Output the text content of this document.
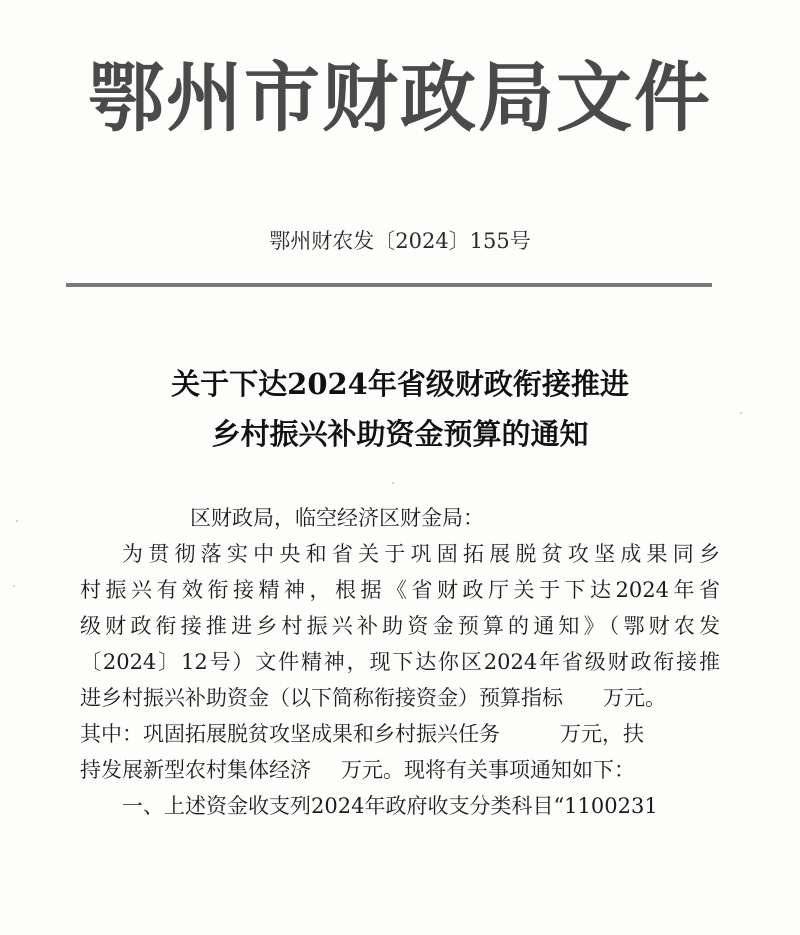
鄂州市财政局文件
鄂州财农发〔2024〕155号
关于下达2024年省级财政衔接推进
乡村振兴补助资金预算的通知
区财政局，临空经济区财金局：
为贯彻落实中央和省关于巩固拓展脱贫攻坚成果同乡
村振兴有效衔接精神，根据《省财政厅关于下达2024年省
级财政衔接推进乡村振兴补助资金预算的通知》（鄂财农发
〔2024〕12号）文件精神，现下达你区2024年省级财政衔接推
进乡村振兴补助资金（以下简称衔接资金）预算指标 万元。
其中：巩固拓展脱贫攻坚成果和乡村振兴任务	万元，扶
持发展新型农村集体经济 万元。现将有关事项通知如下：
一、上述资金收支列2024年政府收支分类科目“1100231
